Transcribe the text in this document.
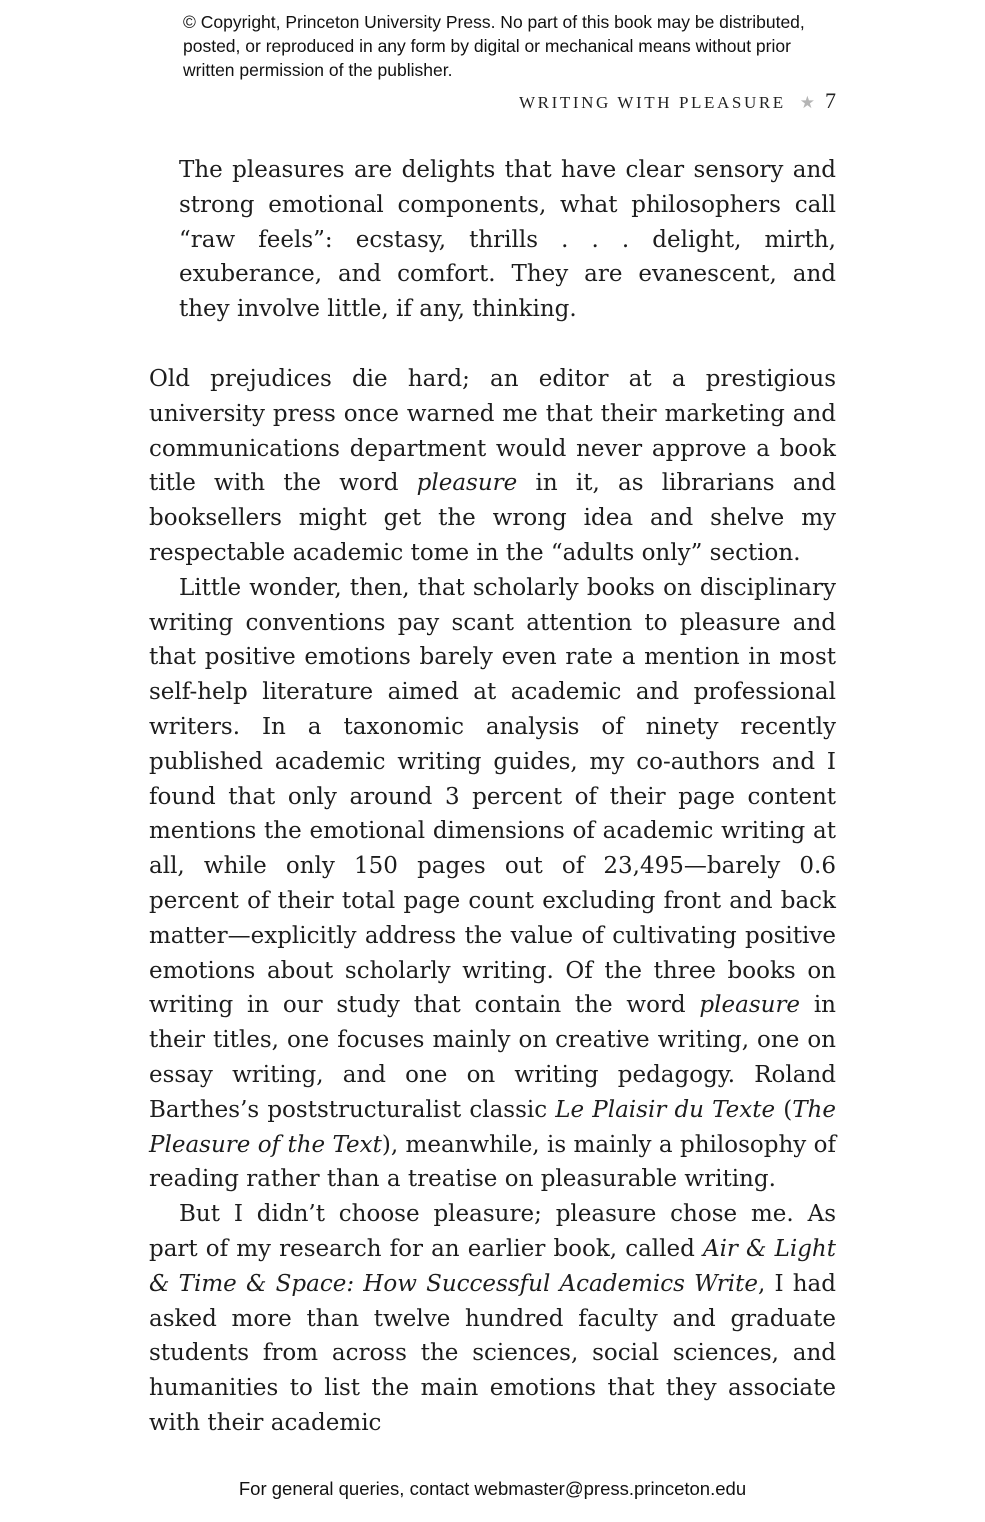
© Copyright, Princeton University Press. No part of this book may be distributed, posted, or reproduced in any form by digital or mechanical means without prior written permission of the publisher.
WRITING WITH PLEASURE ★ 7

The pleasures are delights that have clear sensory and strong emotional components, what philosophers call “raw feels”: ecstasy, thrills . . . delight, mirth, exuberance, and comfort. They are evanescent, and they involve little, if any, thinking.

Old prejudices die hard; an editor at a prestigious university press once warned me that their marketing and communications department would never approve a book title with the word pleasure in it, as librarians and booksellers might get the wrong idea and shelve my respectable academic tome in the “adults only” section.

Little wonder, then, that scholarly books on disciplinary writing conventions pay scant attention to pleasure and that positive emotions barely even rate a mention in most self-help literature aimed at academic and professional writers. In a taxonomic analysis of ninety recently published academic writing guides, my co-authors and I found that only around 3 percent of their page content mentions the emotional dimensions of academic writing at all, while only 150 pages out of 23,495—barely 0.6 percent of their total page count excluding front and back matter—explicitly address the value of cultivating positive emotions about scholarly writing. Of the three books on writing in our study that contain the word pleasure in their titles, one focuses mainly on creative writing, one on essay writing, and one on writing pedagogy. Roland Barthes’s poststructuralist classic Le Plaisir du Texte (The Pleasure of the Text), meanwhile, is mainly a philosophy of reading rather than a treatise on pleasurable writing.

But I didn’t choose pleasure; pleasure chose me. As part of my research for an earlier book, called Air & Light & Time & Space: How Successful Academics Write, I had asked more than twelve hundred faculty and graduate students from across the sciences, social sciences, and humanities to list the main emotions that they associate with their academic

For general queries, contact webmaster@press.princeton.edu
